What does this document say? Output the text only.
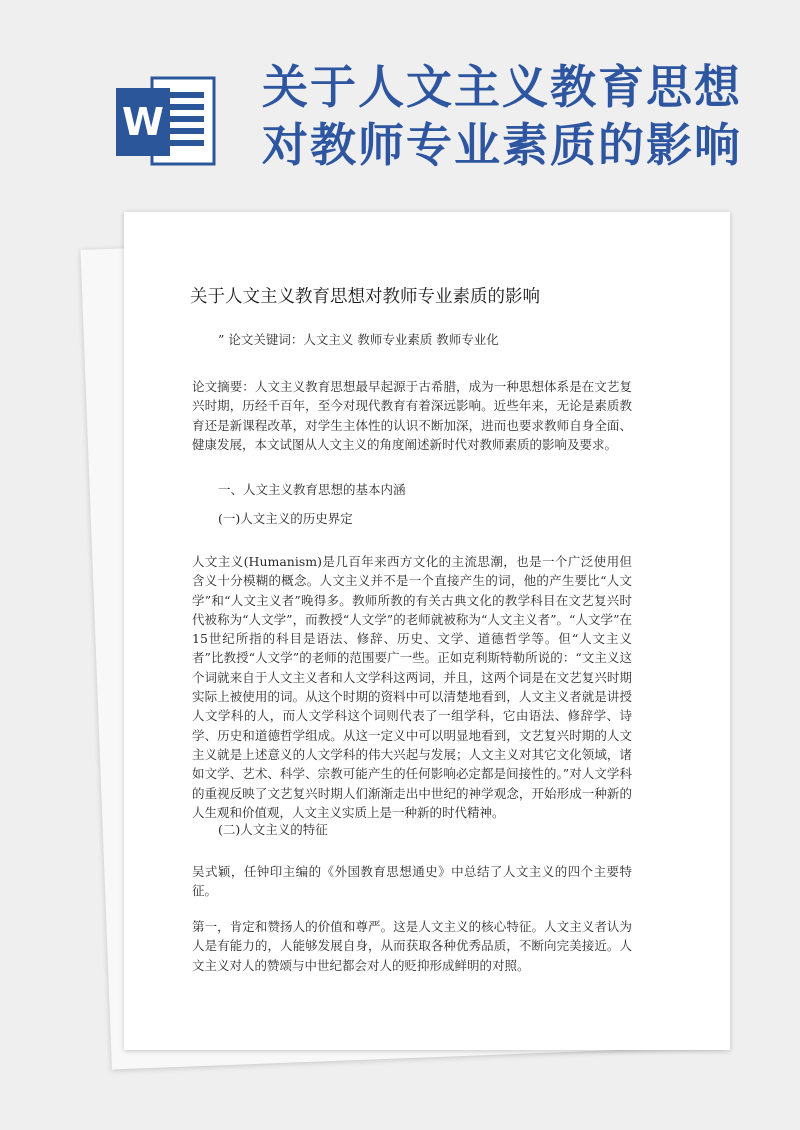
W
关于人文主义教育思想
对教师专业素质的影响
关于人文主义教育思想对教师专业素质的影响
” 论文关键词：人文主义 教师专业素质 教师专业化
论文摘要：人文主义教育思想最早起源于古希腊，成为一种思想体系是在文艺复兴时期，历经千百年，至今对现代教育有着深远影响。近些年来，无论是素质教育还是新课程改革，对学生主体性的认识不断加深，进而也要求教师自身全面、健康发展，本文试图从人文主义的角度阐述新时代对教师素质的影响及要求。
一、人文主义教育思想的基本内涵
(一)人文主义的历史界定
人文主义(Humanism)是几百年来西方文化的主流思潮，也是一个广泛使用但含义十分模糊的概念。人文主义并不是一个直接产生的词，他的产生要比“人文学”和“人文主义者”晚得多。教师所教的有关古典文化的教学科目在文艺复兴时代被称为“人文学”，而教授“人文学”的老师就被称为“人文主义者”。“人文学”在15世纪所指的科目是语法、修辞、历史、文学、道德哲学等。但“人文主义者”比教授“人文学”的老师的范围要广一些。正如克利斯特勒所说的：“文主义这个词就来自于人文主义者和人文学科这两词，并且，这两个词是在文艺复兴时期实际上被使用的词。从这个时期的资料中可以清楚地看到，人文主义者就是讲授人文学科的人，而人文学科这个词则代表了一组学科，它由语法、修辞学、诗学、历史和道德哲学组成。从这一定义中可以明显地看到，文艺复兴时期的人文主义就是上述意义的人文学科的伟大兴起与发展；人文主义对其它文化领域，诸如文学、艺术、科学、宗教可能产生的任何影响必定都是间接性的。”对人文学科的重视反映了文艺复兴时期人们渐渐走出中世纪的神学观念，开始形成一种新的人生观和价值观，人文主义实质上是一种新的时代精神。
(二)人文主义的特征
吴式颖，任钟印主编的《外国教育思想通史》中总结了人文主义的四个主要特征。
第一，肯定和赞扬人的价值和尊严。这是人文主义的核心特征。人文主义者认为人是有能力的，人能够发展自身，从而获取各种优秀品质，不断向完美接近。人文主义对人的赞颂与中世纪都会对人的贬抑形成鲜明的对照。
